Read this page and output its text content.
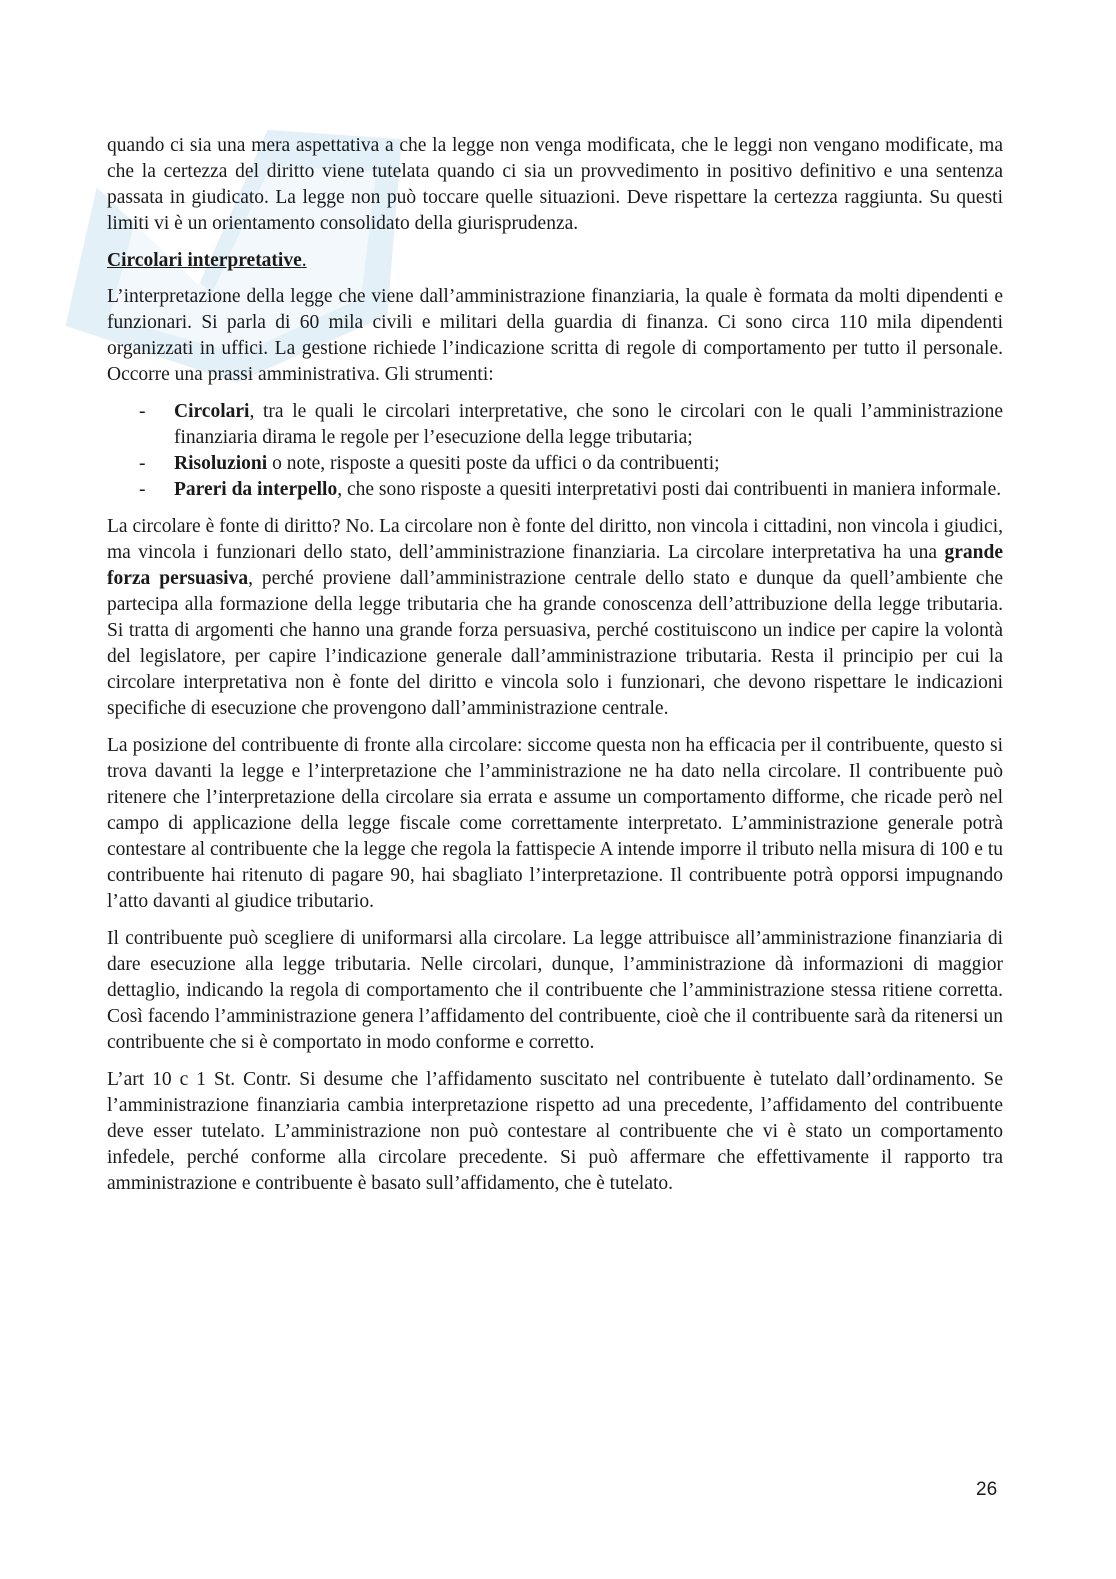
quando ci sia una mera aspettativa a che la legge non venga modificata, che le leggi non vengano modificate, ma che la certezza del diritto viene tutelata quando ci sia un provvedimento in positivo definitivo e una sentenza passata in giudicato. La legge non può toccare quelle situazioni. Deve rispettare la certezza raggiunta. Su questi limiti vi è un orientamento consolidato della giurisprudenza.

Circolari interpretative.

L’interpretazione della legge che viene dall’amministrazione finanziaria, la quale è formata da molti dipendenti e funzionari. Si parla di 60 mila civili e militari della guardia di finanza. Ci sono circa 110 mila dipendenti organizzati in uffici. La gestione richiede l’indicazione scritta di regole di comportamento per tutto il personale. Occorre una prassi amministrativa. Gli strumenti:

- Circolari, tra le quali le circolari interpretative, che sono le circolari con le quali l’amministrazione finanziaria dirama le regole per l’esecuzione della legge tributaria;
- Risoluzioni o note, risposte a quesiti poste da uffici o da contribuenti;
- Pareri da interpello, che sono risposte a quesiti interpretativi posti dai contribuenti in maniera informale.

La circolare è fonte di diritto? No. La circolare non è fonte del diritto, non vincola i cittadini, non vincola i giudici, ma vincola i funzionari dello stato, dell’amministrazione finanziaria. La circolare interpretativa ha una grande forza persuasiva, perché proviene dall’amministrazione centrale dello stato e dunque da quell’ambiente che partecipa alla formazione della legge tributaria che ha grande conoscenza dell’attribuzione della legge tributaria. Si tratta di argomenti che hanno una grande forza persuasiva, perché costituiscono un indice per capire la volontà del legislatore, per capire l’indicazione generale dall’amministrazione tributaria. Resta il principio per cui la circolare interpretativa non è fonte del diritto e vincola solo i funzionari, che devono rispettare le indicazioni specifiche di esecuzione che provengono dall’amministrazione centrale.

La posizione del contribuente di fronte alla circolare: siccome questa non ha efficacia per il contribuente, questo si trova davanti la legge e l’interpretazione che l’amministrazione ne ha dato nella circolare. Il contribuente può ritenere che l’interpretazione della circolare sia errata e assume un comportamento difforme, che ricade però nel campo di applicazione della legge fiscale come correttamente interpretato. L’amministrazione generale potrà contestare al contribuente che la legge che regola la fattispecie A intende imporre il tributo nella misura di 100 e tu contribuente hai ritenuto di pagare 90, hai sbagliato l’interpretazione. Il contribuente potrà opporsi impugnando l’atto davanti al giudice tributario.

Il contribuente può scegliere di uniformarsi alla circolare. La legge attribuisce all’amministrazione finanziaria di dare esecuzione alla legge tributaria. Nelle circolari, dunque, l’amministrazione dà informazioni di maggior dettaglio, indicando la regola di comportamento che il contribuente che l’amministrazione stessa ritiene corretta. Così facendo l’amministrazione genera l’affidamento del contribuente, cioè che il contribuente sarà da ritenersi un contribuente che si è comportato in modo conforme e corretto.

L’art 10 c 1 St. Contr. Si desume che l’affidamento suscitato nel contribuente è tutelato dall’ordinamento. Se l’amministrazione finanziaria cambia interpretazione rispetto ad una precedente, l’affidamento del contribuente deve esser tutelato. L’amministrazione non può contestare al contribuente che vi è stato un comportamento infedele, perché conforme alla circolare precedente. Si può affermare che effettivamente il rapporto tra amministrazione e contribuente è basato sull’affidamento, che è tutelato.

26
